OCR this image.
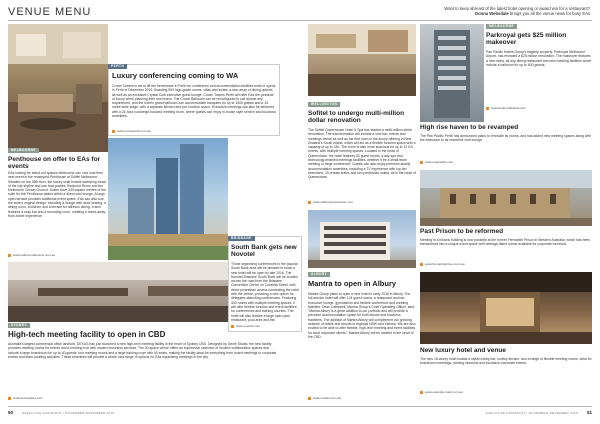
VENUE MENU	Want to keep abreast of the latest hotel opening or award win for a restaurant?
Donna Websdale brings you all the venue news for busy EAs
MELBOURNE
Penthouse on offer to EAs for events
EAs looking for stand-out spaces Melbourne can now host their next event in the revamped Penthouse at Sofitel Melbourne. Situated on the 35th floor, the luxury suite boasts sweeping views of the city skyline and can host parties. Reduced Room and the Melbourne Cricket Ground. Suites have 345 square metres of the suite for the Penthouse tables within a direct mini lounge. A large open-terrace provides additional event space. EAs can also use the suite's original design, including a lounge with deck seating, a dining room, a kitchen and a terrace for alfresco dining. It also features a cosy bar and a recording room, creating a home-away-from-home experience.
www.sofitel-melbourne.com.au
PERTH
Luxury conferencing coming to WA
Crown Towers is set to lift the benchmark in Perth for conference and accommodation facilities when it opens in Perth in December 2016. Boasting 500 high-grade rooms, villas and suites, a new array of dining options as well as an exclusive Crystal Club executive guest lounge, Crown Towers Perth will offer EAs the pinnacle of luxury when planning their next event. The Crown Ballroom can be reconfigured to suit almost any requirement, and the hotel's grand ballroom can accommodate banquets for up to 1500 guests and a 10-metre-wide stage, with a separate kitchen and pre-function space. Executive meetings can also be delivered with a 24-hour concierge-focused meeting room, where guests can enjoy in-house style service and luxurious amenities.
www.crownperth.com.au
SYDNEY
High-tech meeting facility to open in CBD
Australia's largest commercial office landlord, DEXUS has just launched a new high-tech meeting facility in the heart of Sydney CBD. Designed by Genie Studio, the new facility provides meeting rooms for events and a meeting hub with modern business services. The 30-space venue offers an impressive selection of modern collaboration spaces that include a large boardroom for up to 40 guests, four meeting rooms and a large training room with 60 seats, making the facility ideal for everything from board meetings to corporate events and team-building activities. These amenities will provide a whole new range of options for EAs organising meetings in the city.
www.dexusplace.com
BRISBANE
South Bank gets new Novotel
Those organising conferences in the popular South Bank area will be pleased to know a new hotel will be open by late 2016. The Novotel Brisbane South Bank will be located across the road from the Brisbane Convention Centre on Cordelia Street, with direct pedestrian access connecting the hotel with the centre, providing a new option for delegates attending conferences. Featuring 300 rooms with multiple meeting spaces, it will offer flexible function and event facilities for conferences and training courses. The hotel will also feature a large open-plan restaurant, pool area and bar.
www.novotel.com
WELLINGTON
Sofitel to undergo multi-million dollar renovation
The Sofitel Queenstown Hotel & Spa has started a multi-million dollar renovation. The transformation will include a new bar, events and meetings venue as well as the first room in the luxury offering in New Zealand's South Island, which will act as a flexible function space with a capacity of up to 150. The room is also more spacious for up to 12 EA events, with multiple meeting spaces. Located in the heart of Queenstown, the hotel features 82 guest rooms, a day spa and technology-enabled meetings facilities, whether it be a small team meeting or large conference. Guests can also enjoy premium quality accommodation amenities, including a TV experience with top-tier selections, 10 private suites and two penthouse suites, all in the heart of Queenstown.
www.sofitel-queenstown.com
ALBURY
Mantra to open in Albury
Mantra Group plans to open a new hotel in early 2016 in Albury. The full-service hotel will offer 124 guest rooms, a restaurant and bar, executive lounge, gymnasium and flexible conference and meeting facilities. Dean Campbell, Mantra Group's Chief Operating Officer, said: "Mantra Albury is a great addition to our portfolio and will provide a premium accommodation option for both leisure and business travellers. The addition of Mantra Albury will complement our growing network of hotels and resorts in regional NSW and Victoria. We are also excited to be able to offer flexible, high-tech meeting and event facilities for local corporate clients." Mantra Albury will be located in the heart of the CBD.
www.mantra.com.au
MELBOURNE
Parkroyal gets $25 million makeover
Pan Pacific Hotels Group's flagship property, Parkroyal Melbourne Airport, has revealed a $25 million renovation. The makeover features a new lobby, all-day dining restaurant and new meeting facilities which include a ballroom for up to 600 guests.
www.parkroyalhotels.com
High rise haven to be revamped
The Pan Pacific Perth has announced plans to renovate its rooms, and has added new meeting spaces along with the extension to its executive club lounge.
www.panpacific.com
Past Prison to be reformed
Meeting in a historic building is now possible at the former Fremantle Prison in Western Australia, which has been transformed into a unique event space with heritage-listed rooms available for corporate functions.
www.fremantleprison.com.au
New luxury hotel and venue
The new 18-storey hotel boasts a stylish lobby bar, rooftop terrace, and a range of flexible meeting rooms, ideal for boardroom meetings, training sessions and exclusive corporate events.
www.example-hotel.com.au
50	EXECUTIVE ASSISTANT | NOVEMBER-DECEMBER 2015	EXECUTIVE ASSISTANT | NOVEMBER-DECEMBER 2015 51
